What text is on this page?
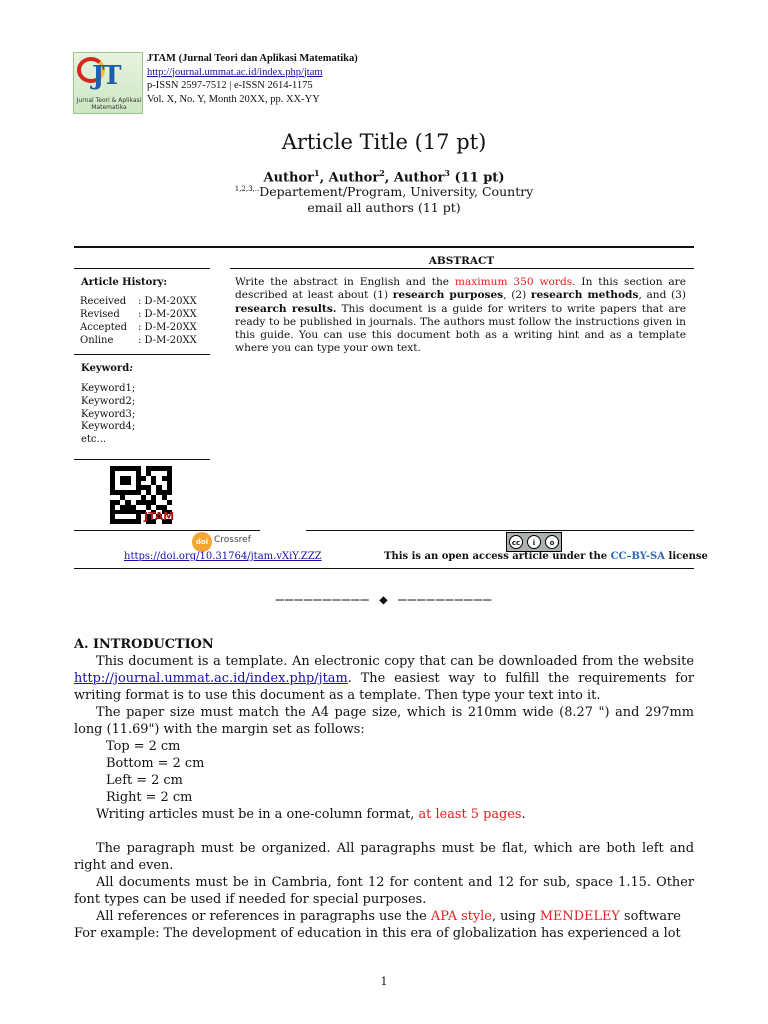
JT
Jurnal Teori & Aplikasi Matematika
JTAM (Jurnal Teori dan Aplikasi Matematika)
http://journal.ummat.ac.id/index.php/jtam
p-ISSN 2597-7512 | e-ISSN 2614-1175
Vol. X, No. Y, Month 20XX, pp. XX-YY
Article Title (17 pt)
Author$^1$, Author$^2$, Author$^3$ (11 pt)
$^{1,2,3,..}$Departement/Program, University, Country
email all authors (11 pt)
ABSTRACT
Article History:
Received	: D-M-20XX
Revised	: D-M-20XX
Accepted	: D-M-20XX
Online	: D-M-20XX
Keyword:
Keyword1;
Keyword2;
Keyword3;
Keyword4;
etc...
JTAM
Write the abstract in English and the maximum 350 words. In this section are described at least about (1) research purposes, (2) research methods, and (3) research results. This document is a guide for writers to write papers that are ready to be published in journals. The authors must follow the instructions given in this guide. You can use this document both as a writing hint and as a template where you can type your own text.
doi Crossref	cc	i	o
https://doi.org/10.31764/jtam.vXiY.ZZZ	This is an open access article under the CC–BY-SA license
—————————— ◆ ——————————

A. INTRODUCTION

This document is a template. An electronic copy that can be downloaded from the website http://journal.ummat.ac.id/index.php/jtam. The easiest way to fulfill the requirements for writing format is to use this document as a template. Then type your text into it.

The paper size must match the A4 page size, which is 210mm wide (8.27 ") and 297mm long (11.69") with the margin set as follows:

Top = 2 cm

Bottom = 2 cm

Left = 2 cm

Right = 2 cm

Writing articles must be in a one-column format, at least 5 pages.

The paragraph must be organized. All paragraphs must be flat, which are both left and right and even.

All documents must be in Cambria, font 12 for content and 12 for sub, space 1.15. Other font types can be used if needed for special purposes.

All references or references in paragraphs use the APA style, using MENDELEY software

For example: The development of education in this era of globalization has experienced a lot

1
